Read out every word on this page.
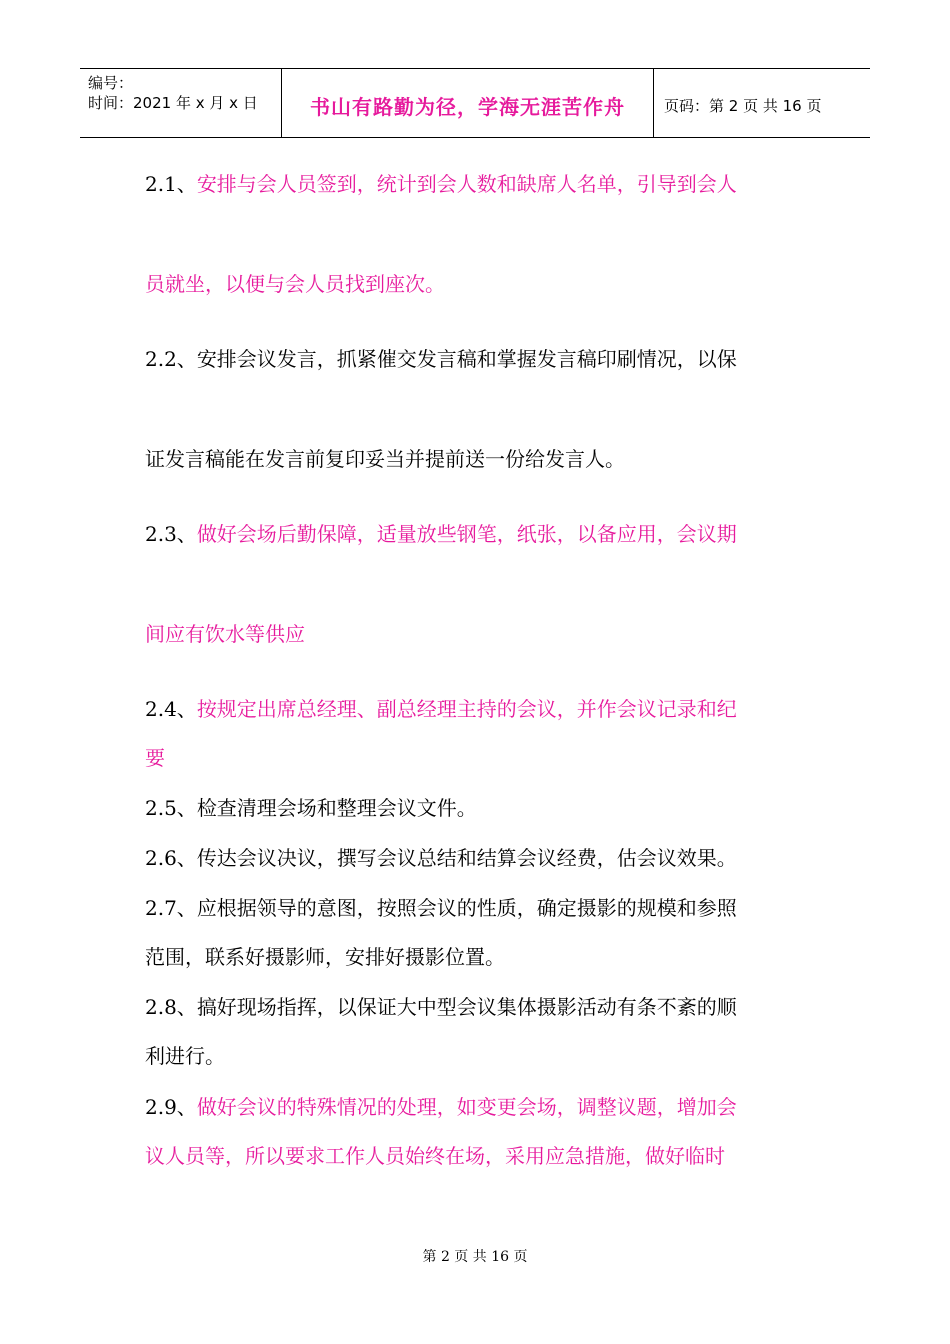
编号：
时间：2021 年 x 月 x 日	书山有路勤为径，学海无涯苦作舟	页码：第 2 页 共 16 页
2.1、安排与会人员签到，统计到会人数和缺席人名单，引导到会人
员就坐，以便与会人员找到座次。
2.2、安排会议发言，抓紧催交发言稿和掌握发言稿印刷情况，以保
证发言稿能在发言前复印妥当并提前送一份给发言人。
2.3、做好会场后勤保障，适量放些钢笔，纸张，以备应用，会议期
间应有饮水等供应
2.4、按规定出席总经理、副总经理主持的会议，并作会议记录和纪
要
2.5、检查清理会场和整理会议文件。
2.6、传达会议决议，撰写会议总结和结算会议经费，估会议效果。
2.7、应根据领导的意图，按照会议的性质，确定摄影的规模和参照
范围，联系好摄影师，安排好摄影位置。
2.8、搞好现场指挥，以保证大中型会议集体摄影活动有条不紊的顺
利进行。
2.9、做好会议的特殊情况的处理，如变更会场，调整议题，增加会
议人员等，所以要求工作人员始终在场，采用应急措施，做好临时
第 2 页 共 16 页
